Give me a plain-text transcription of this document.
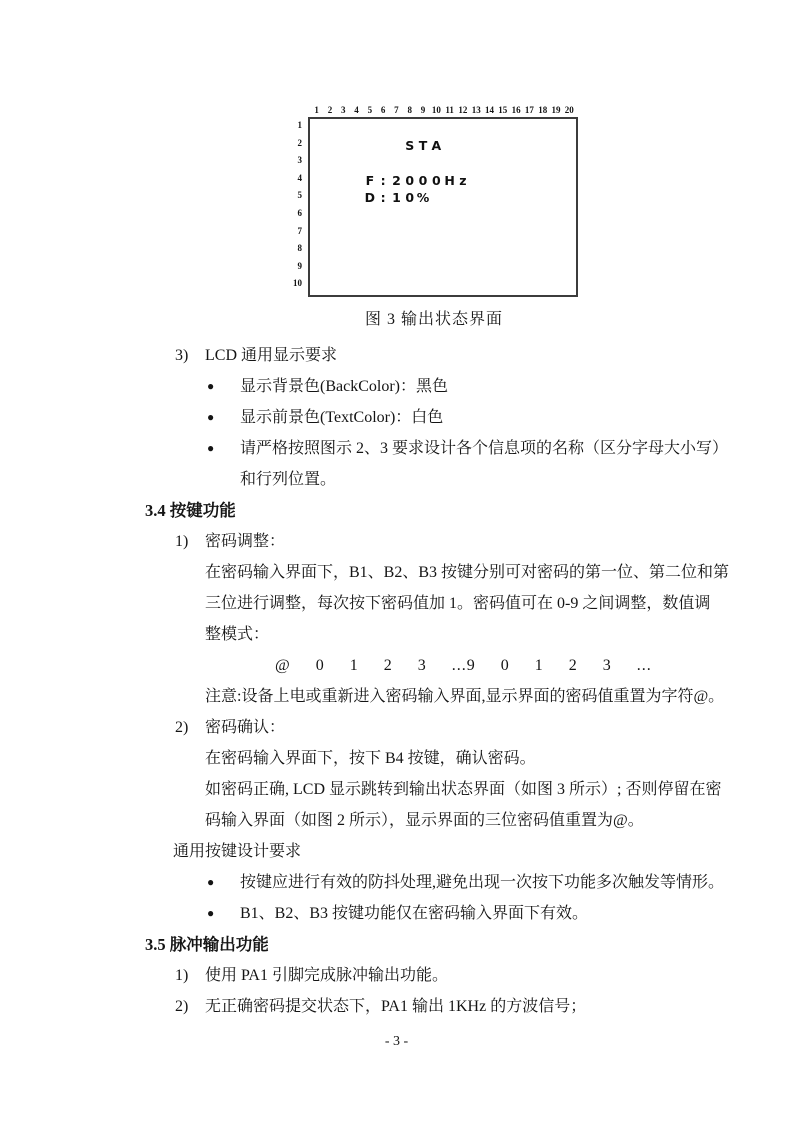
1 2 3 4 5 6 7 8 9 10 11 12 13 14 15 16 17 18 19 20
1
2
3
4
5
6
7
8
9
10
S T A
F : 2 0 0 0 H z
D : 1 0 %
图 3 输出状态界面
3) LCD 通用显示要求
●	显示背景色(BackColor)：黑色
●	显示前景色(TextColor)：白色
●	请严格按照图示 2、3 要求设计各个信息项的名称（区分字母大小写）
和行列位置。
3.4 按键功能
1) 密码调整：
在密码输入界面下，B1、B2、B3 按键分别可对密码的第一位、第二位和第
三位进行调整，每次按下密码值加 1。密码值可在 0-9 之间调整，数值调
整模式：
@ 0 1 2 3 ...9 0 1 2 3 ...
注意:设备上电或重新进入密码输入界面,显示界面的密码值重置为字符@。
2) 密码确认：
在密码输入界面下，按下 B4 按键，确认密码。
如密码正确, LCD 显示跳转到输出状态界面（如图 3 所示）; 否则停留在密
码输入界面（如图 2 所示），显示界面的三位密码值重置为@。
通用按键设计要求
●	按键应进行有效的防抖处理,避免出现一次按下功能多次触发等情形。
●	B1、B2、B3 按键功能仅在密码输入界面下有效。
3.5 脉冲输出功能
1) 使用 PA1 引脚完成脉冲输出功能。
2) 无正确密码提交状态下，PA1 输出 1KHz 的方波信号；
- 3 -
